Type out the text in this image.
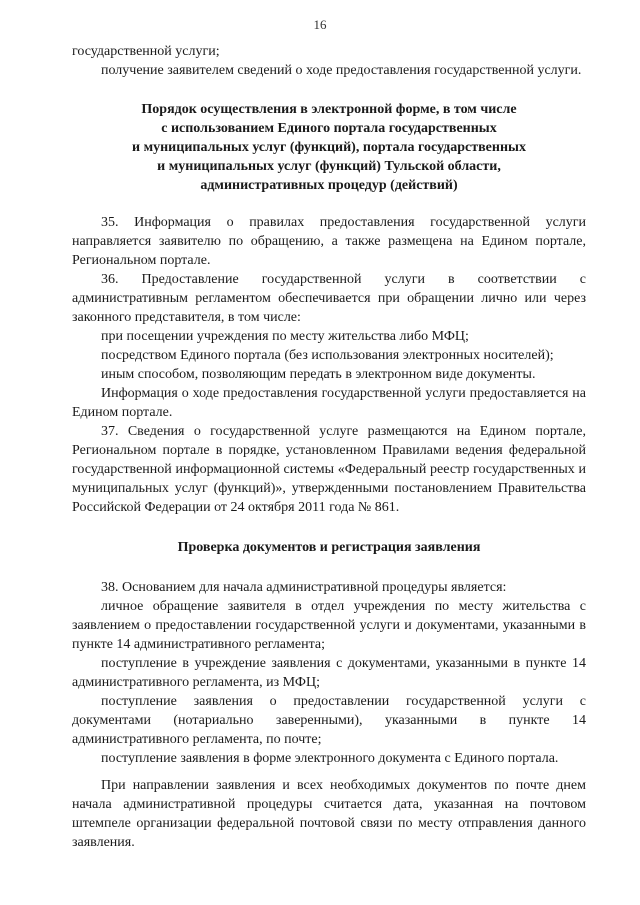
16

государственной услуги;

получение заявителем сведений о ходе предоставления государственной услуги.

Порядок осуществления в электронной форме, в том числе
с использованием Единого портала государственных
и муниципальных услуг (функций), портала государственных
и муниципальных услуг (функций) Тульской области,
административных процедур (действий)

35. Информация о правилах предоставления государственной услуги направляется заявителю по обращению, а также размещена на Едином портале, Региональном портале.

36. Предоставление государственной услуги в соответствии с административным регламентом обеспечивается при обращении лично или через законного представителя, в том числе:

при посещении учреждения по месту жительства либо МФЦ;

посредством Единого портала (без использования электронных носителей);

иным способом, позволяющим передать в электронном виде документы.

Информация о ходе предоставления государственной услуги предоставляется на Едином портале.

37. Сведения о государственной услуге размещаются на Едином портале, Региональном портале в порядке, установленном Правилами ведения федеральной государственной информационной системы «Федеральный реестр государственных и муниципальных услуг (функций)», утвержденными постановлением Правительства Российской Федерации от 24 октября 2011 года № 861.

Проверка документов и регистрация заявления

38. Основанием для начала административной процедуры является:

личное обращение заявителя в отдел учреждения по месту жительства с заявлением о предоставлении государственной услуги и документами, указанными в пункте 14 административного регламента;

поступление в учреждение заявления с документами, указанными в пункте 14 административного регламента, из МФЦ;

поступление заявления о предоставлении государственной услуги с документами (нотариально заверенными), указанными в пункте 14 административного регламента, по почте;

поступление заявления в форме электронного документа с Единого портала.

При направлении заявления и всех необходимых документов по почте днем начала административной процедуры считается дата, указанная на почтовом штемпеле организации федеральной почтовой связи по месту отправления данного заявления.
